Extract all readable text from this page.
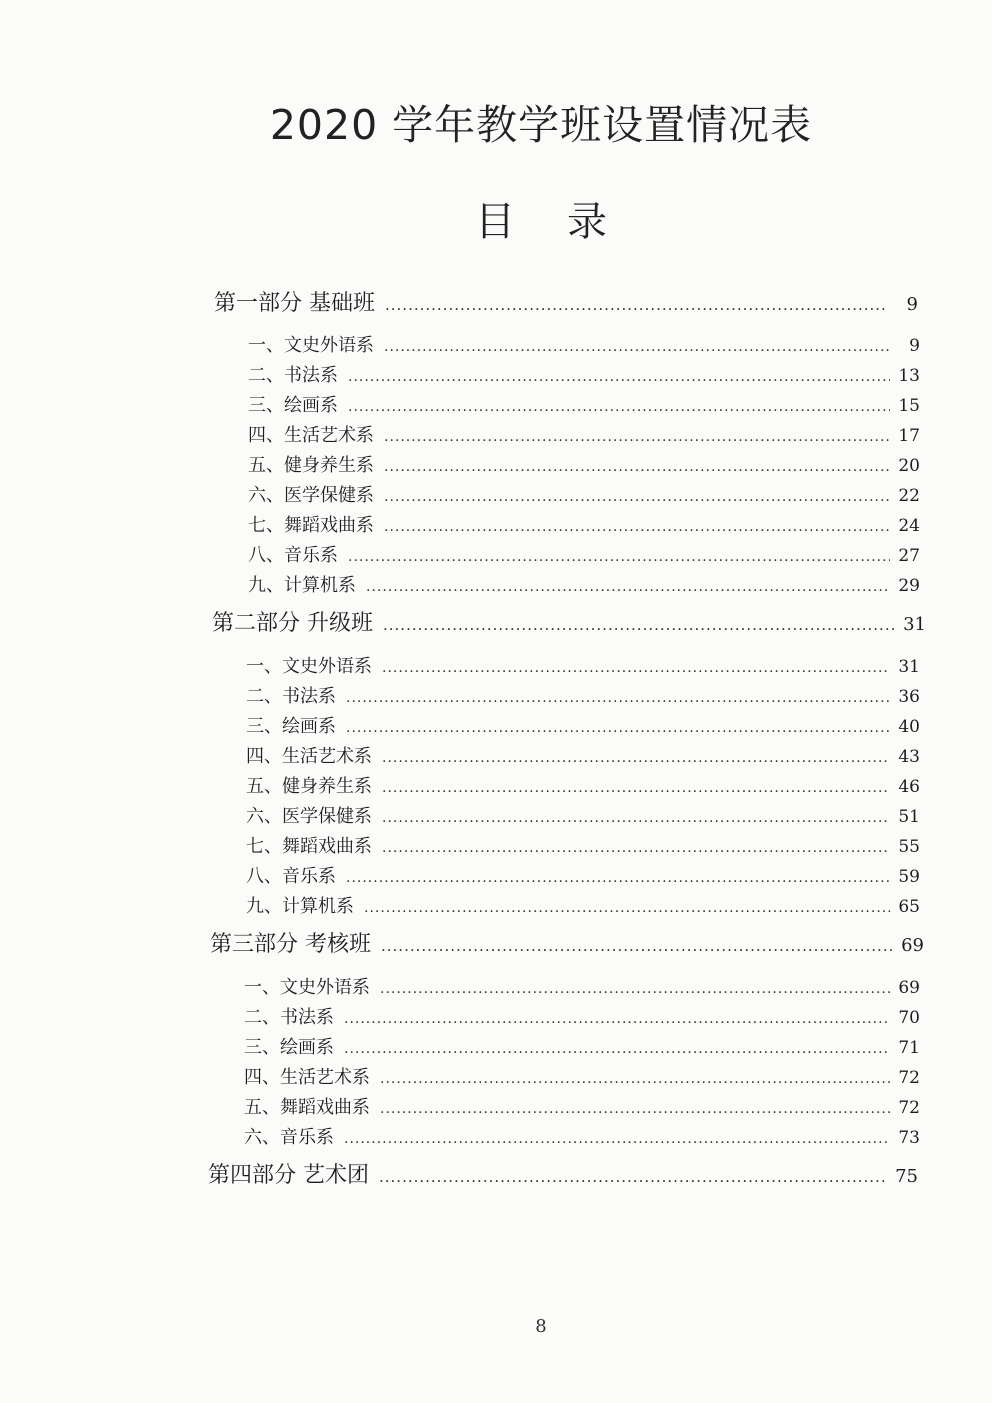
2020 学年教学班设置情况表
目 录
第一部分 基础班 .....	9
一、文史外语系 .....	9
二、书法系 .....	13
三、绘画系 .....	15
四、生活艺术系 .....	17
五、健身养生系 .....	20
六、医学保健系 .....	22
七、舞蹈戏曲系 .....	24
八、音乐系 .....	27
九、计算机系 .....	29
第二部分 升级班 .....	31
一、文史外语系 .....	31
二、书法系 .....	36
三、绘画系 .....	40
四、生活艺术系 .....	43
五、健身养生系 .....	46
六、医学保健系 .....	51
七、舞蹈戏曲系 .....	55
八、音乐系 .....	59
九、计算机系 .....	65
第三部分 考核班 .....	69
一、文史外语系 .....	69
二、书法系 .....	70
三、绘画系 .....	71
四、生活艺术系 .....	72
五、舞蹈戏曲系 .....	72
六、音乐系 .....	73
第四部分 艺术团 .....	75
8
